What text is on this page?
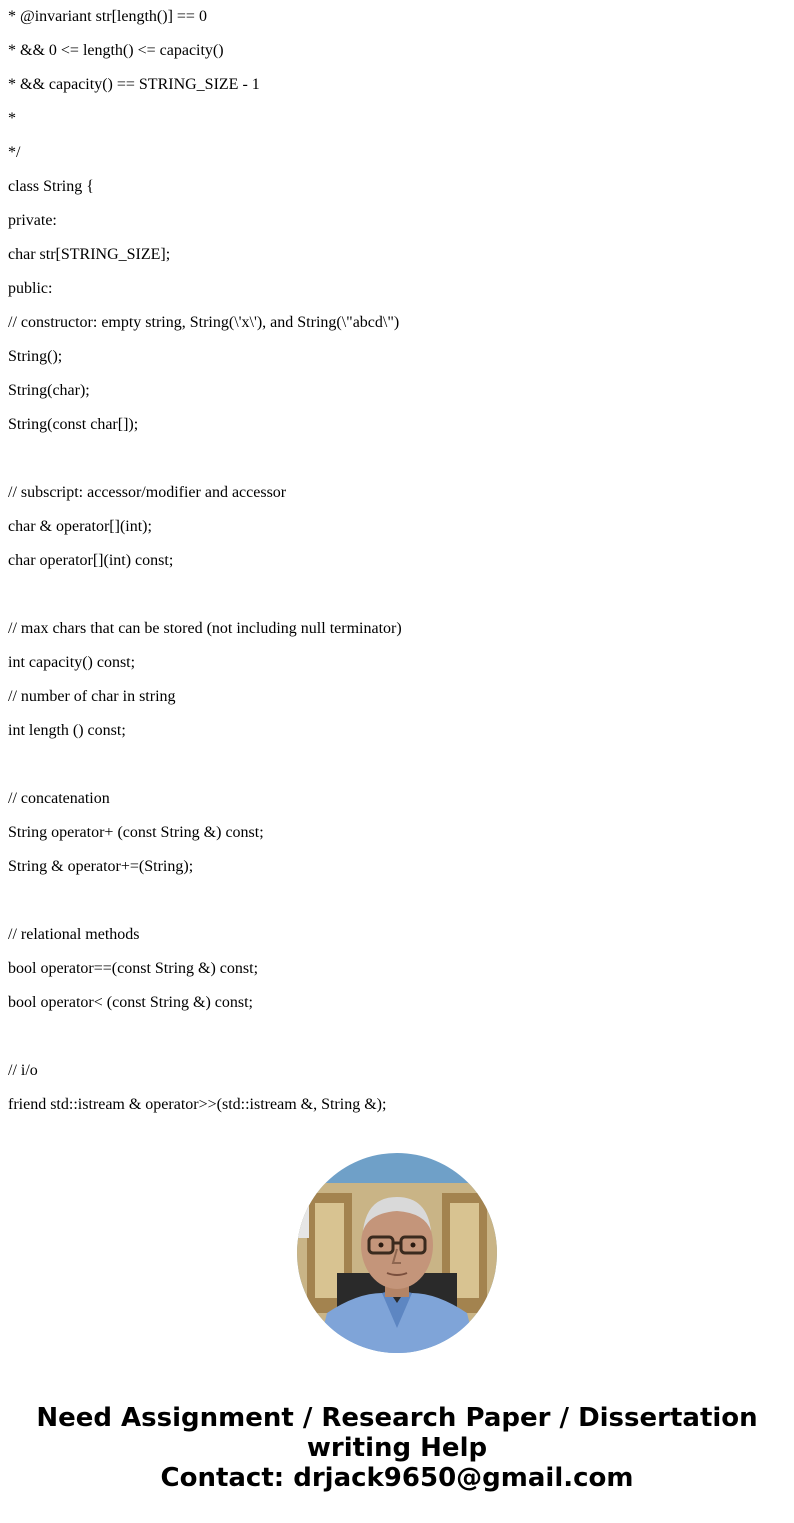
* @invariant str[length()] == 0
* && 0 <= length() <= capacity()
* && capacity() == STRING_SIZE - 1
*
*/
class String {
private:
char str[STRING_SIZE];
public:
// constructor: empty string, String(\'x\'), and String(\"abcd\")
String();
String(char);
String(const char[]);
// subscript: accessor/modifier and accessor
char & operator[](int);
char operator[](int) const;
// max chars that can be stored (not including null terminator)
int capacity() const;
// number of char in string
int length () const;
// concatenation
String operator+ (const String &) const;
String & operator+=(String);
// relational methods
bool operator==(const String &) const;
bool operator< (const String &) const;
// i/o
friend std::istream & operator>>(std::istream &, String &);
Need Assignment / Research Paper / Dissertation
writing Help
Contact: drjack9650@gmail.com
